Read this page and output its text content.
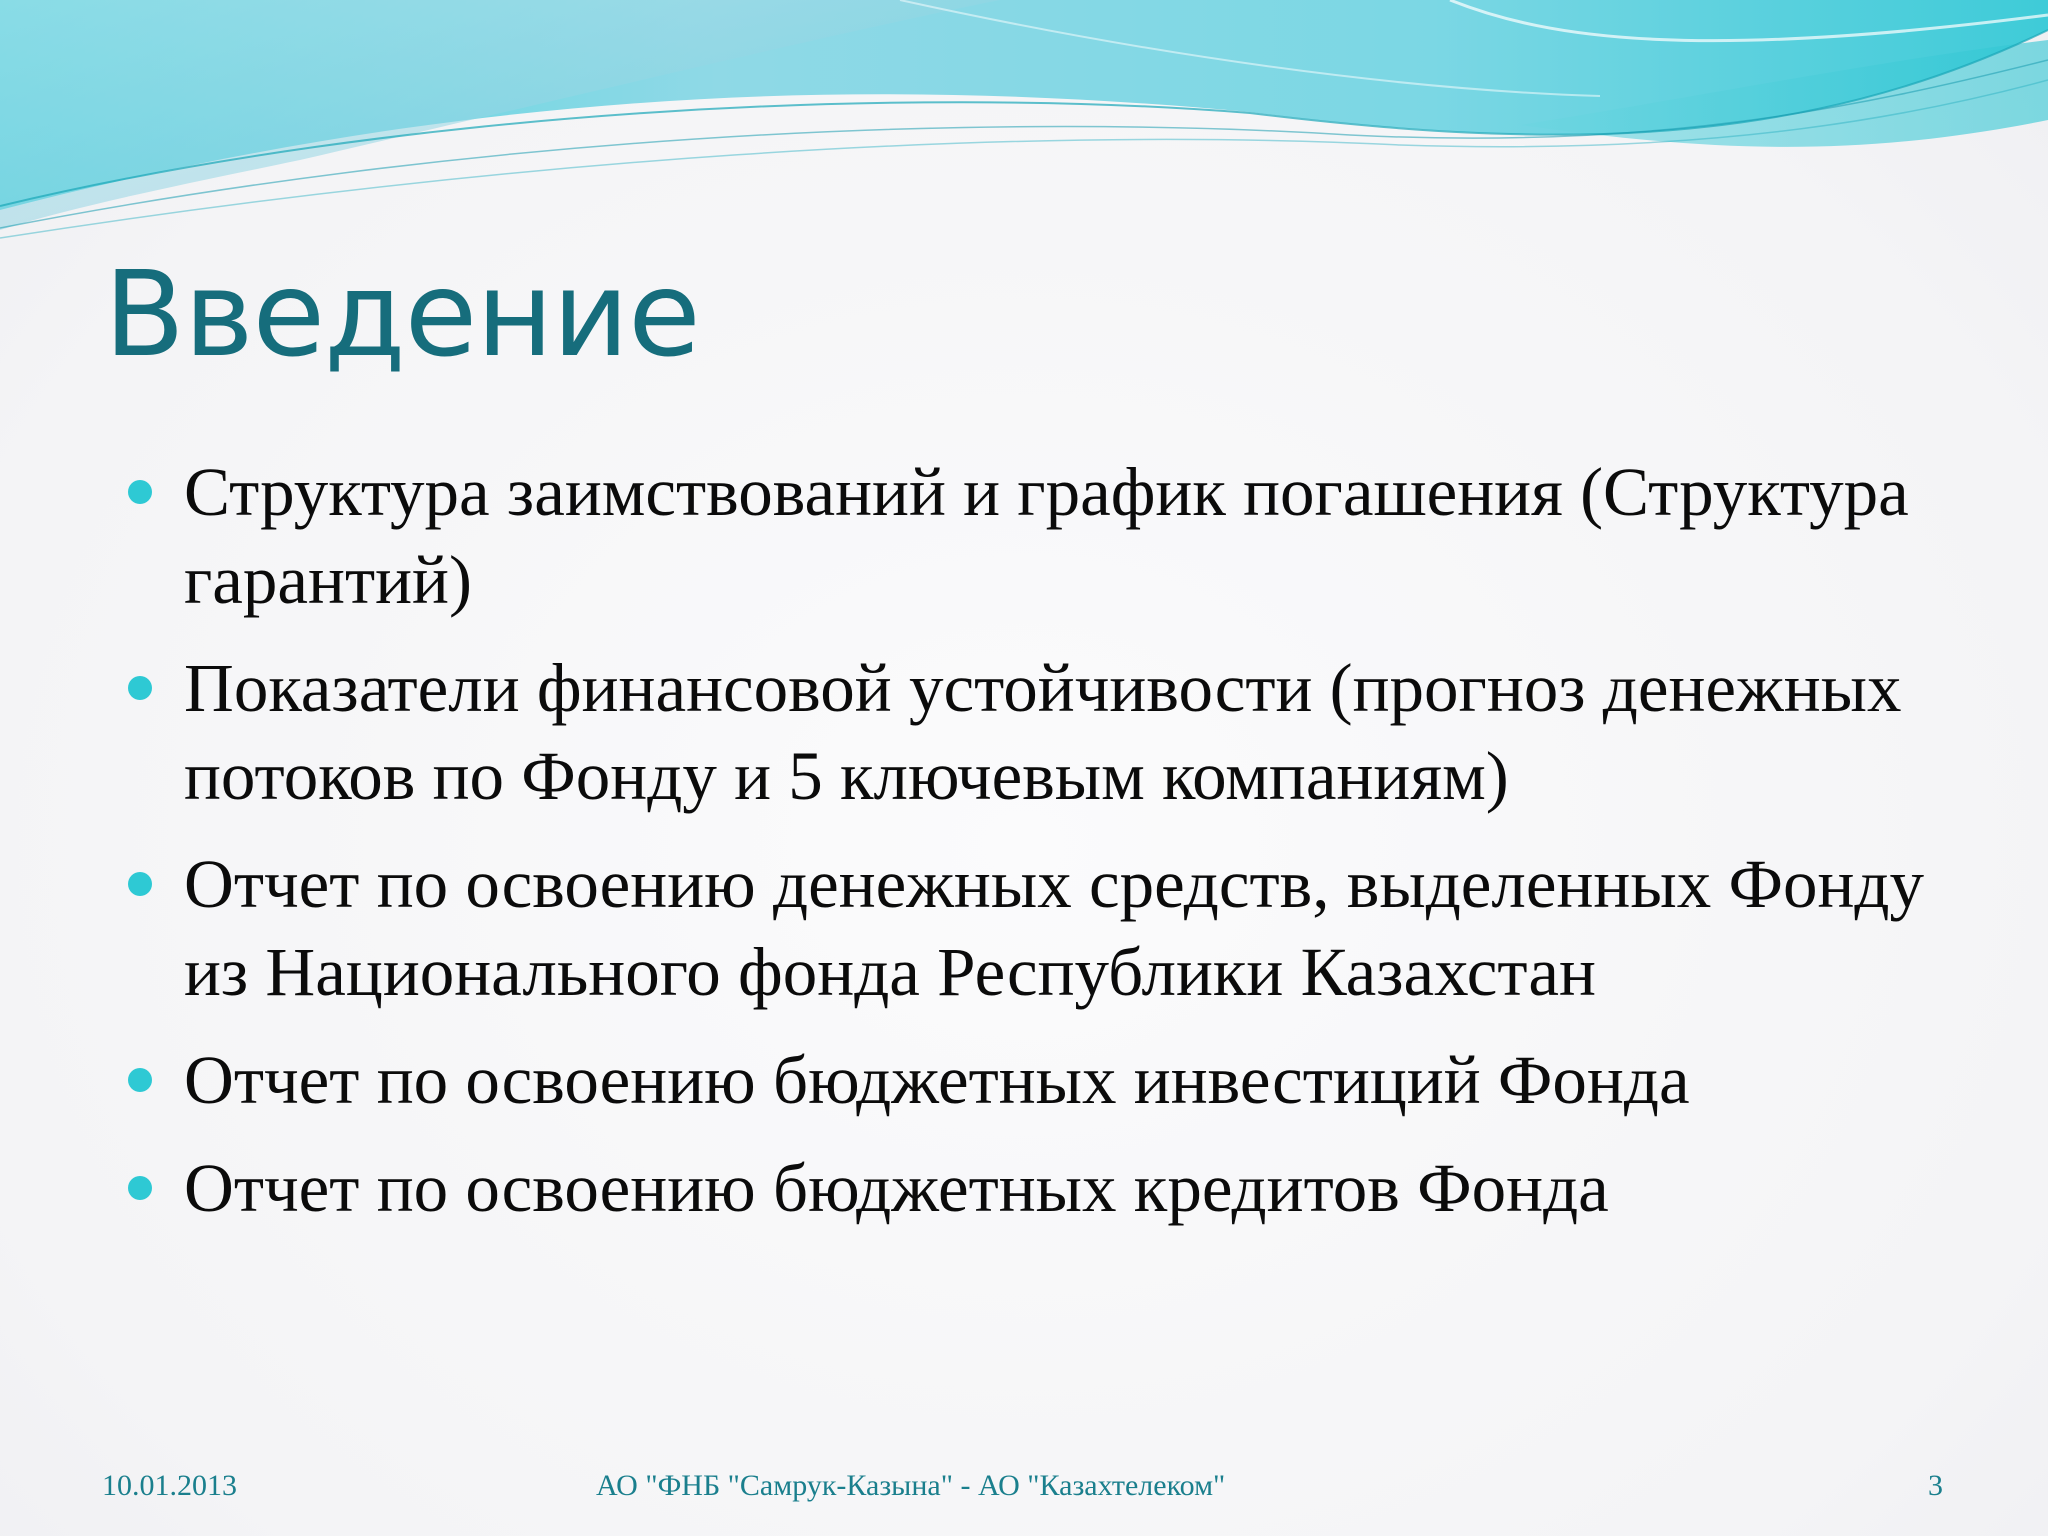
Введение
Структура заимствований и график погашения (Структура гарантий)
Показатели финансовой устойчивости (прогноз денежных потоков по Фонду и 5 ключевым компаниям)
Отчет по освоению денежных средств, выделенных Фонду из Национального фонда Республики Казахстан
Отчет по освоению бюджетных инвестиций Фонда
Отчет по освоению бюджетных кредитов Фонда

10.01.2013	АО "ФНБ "Самрук-Казына" - АО "Казахтелеком"	3
